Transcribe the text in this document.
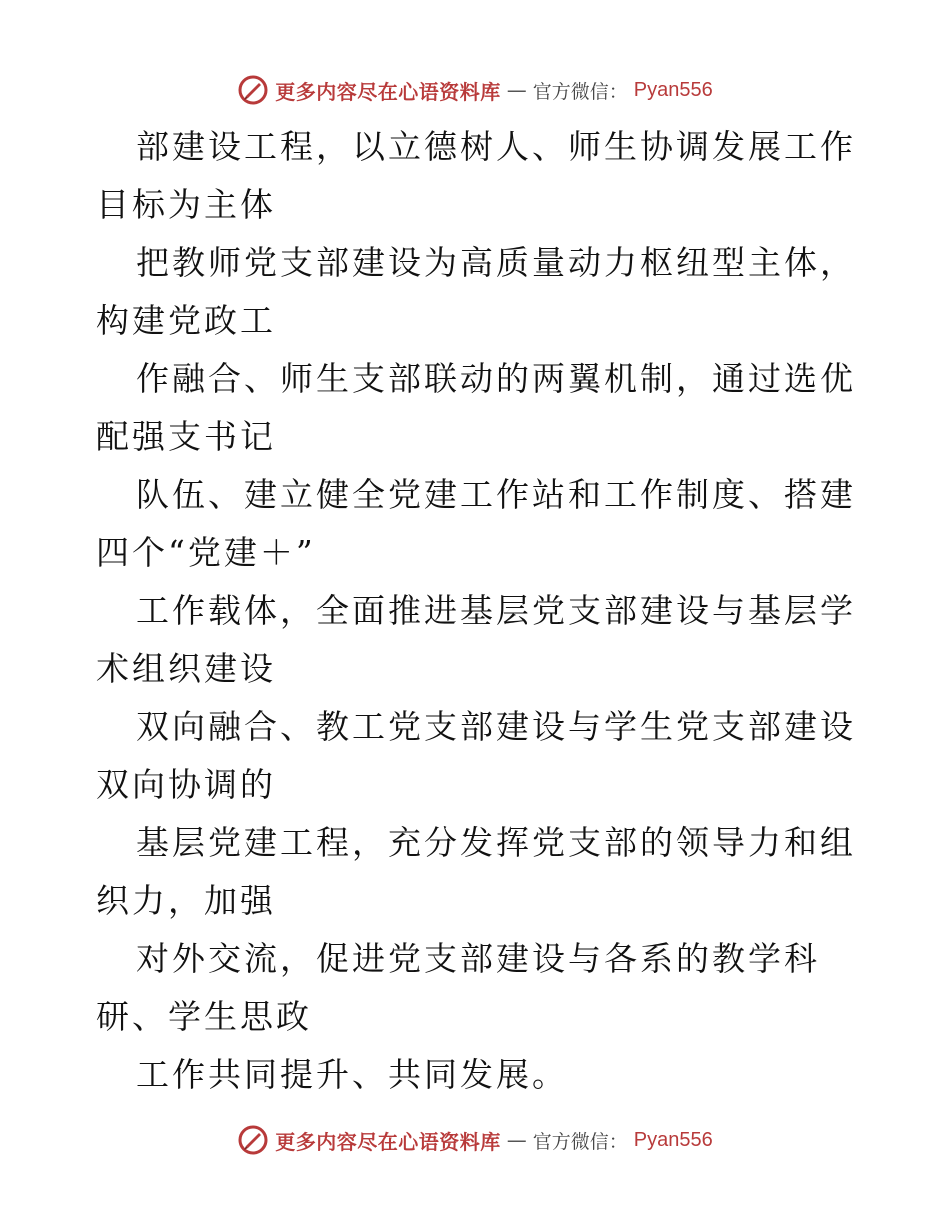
更多内容尽在心语资料库 — 官方微信： Pyan556

部建设工程，以立德树人、师生协调发展工作目标为主体

把教师党支部建设为高质量动力枢纽型主体，构建党政工

作融合、师生支部联动的两翼机制，通过选优配强支书记

队伍、建立健全党建工作站和工作制度、搭建四个“党建＋”

工作载体，全面推进基层党支部建设与基层学术组织建设

双向融合、教工党支部建设与学生党支部建设双向协调的

基层党建工程，充分发挥党支部的领导力和组织力，加强

对外交流，促进党支部建设与各系的教学科研、学生思政

工作共同提升、共同发展。

更多内容尽在心语资料库 — 官方微信： Pyan556
